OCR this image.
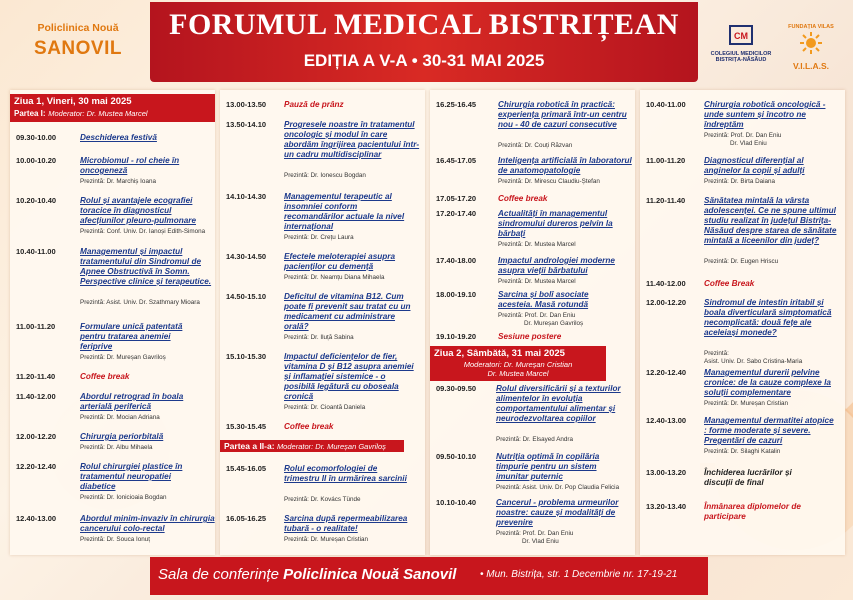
FORUMUL MEDICAL BISTRIȚEAN
EDIȚIA A V-A • 30-31 MAI 2025
Policlinica Nouă
SANOVIL
CM
COLEGIUL MEDICILOR BISTRIȚA-NĂSĂUD
FUNDAȚIA VILAS
V.I.L.A.S.
Ziua 1, Vineri, 30 mai 2025
Partea I: Moderator: Dr. Mustea Marcel
09.30-10.00	Deschiderea festivă
10.00-10.20	Microbiomul - rol cheie în oncogeneză
Prezintă: Dr. Marchiș Ioana
10.20-10.40	Rolul și avantajele ecografiei toracice în diagnosticul afecțiunilor pleuro-pulmonare
Prezintă: Conf. Univ. Dr. Ianoși Edith-Simona
10.40-11.00	Managementul și impactul tratamentului din Sindromul de Apnee Obstructivă în Somn. Perspective clinice și terapeutice.
Prezintă: Asist. Univ. Dr. Szathmary Mioara
11.00-11.20	Formulare unică patentată pentru tratarea anemiei feriprive
Prezintă: Dr. Mureșan Gavriloș
11.20-11.40	Coffee break
11.40-12.00	Abordul retrograd în boala arterială periferică
Prezintă: Dr. Mocian Adriana
12.00-12.20	Chirurgia periorbitală
Prezintă: Dr. Albu Mihaela
12.20-12.40	Rolul chirurgiei plastice în tratamentul neuropatiei diabetice
Prezintă: Dr. Ionicioaia Bogdan
12.40-13.00	Abordul minim-invaziv în chirurgia cancerului colo-rectal
Prezintă: Dr. Souca Ionuț
13.00-13.50 Pauză de prânz
13.50-14.10 Progresele noastre în tratamentul oncologic și modul în care abordăm îngrijirea pacientului într-un cadru multidisciplinar
Prezintă: Dr. Ionescu Bogdan
14.10-14.30 Managementul terapeutic al insomniei conform recomandărilor actuale la nivel internațional
Prezintă: Dr. Crețu Laura
14.30-14.50 Efectele meloterapiei asupra pacienților cu demență
Prezintă: Dr. Neamțu Diana Mihaela
14.50-15.10 Deficitul de vitamina B12. Cum poate fi prevenit sau tratat cu un medicament cu administrare orală?
Prezintă: Dr. Iluță Sabina
15.10-15.30 Impactul deficiențelor de fier, vitamina D și B12 asupra anemiei și inflamației sistemice - o posibilă legătură cu oboseala cronică
Prezintă: Dr. Cioantă Daniela
15.30-15.45 Coffee break
Partea a II-a: Moderator: Dr. Mureșan Gavriloș
15.45-16.05 Rolul ecomorfologiei de trimestru II în urmărirea sarcinii
Prezintă: Dr. Kovács Tünde
16.05-16.25 Sarcina după repermeabilizarea tubară - o realitate!
Prezintă: Dr. Mureșan Cristian
16.25-16.45	Chirurgia robotică în practică: experiența primară într-un centru nou - 40 de cazuri consecutive
Prezintă: Dr. Couți Răzvan
16.45-17.05	Inteligența artificială în laboratorul de anatomopatologie
Prezintă: Dr. Mirescu Claudiu-Ștefan
17.05-17.20	Coffee break
17.20-17.40	Actualități în managementul sindromului dureros pelvin la bărbați
Prezintă: Dr. Mustea Marcel
17.40-18.00	Impactul andrologiei moderne asupra vieții bărbatului
Prezintă: Dr. Mustea Marcel
18.00-19.10	Sarcina și bolî asociate acesteia. Masă rotundă
Prezintă: Prof. Dr. Dan Eniu
Dr. Mureșan Gavriloș
19.10-19.20	Sesiune postere
Ziua 2, Sâmbătă, 31 mai 2025
Moderatori: Dr. Mureșan Cristian
Dr. Mustea Marcel
09.30-09.50 Rolul diversificării și a texturilor alimentelor în evoluția comportamentului alimentar și neurodezvoltarea copiilor
Prezintă: Dr. Elsayed Andra
09.50-10.10 Nutriția optimă în copilăria timpurie pentru un sistem imunitar puternic
Prezintă: Asist. Univ. Dr. Pop Claudia Felicia
10.10-10.40 Cancerul - problema urmeurilor noastre: cauze și modalități de prevenire
Prezintă: Prof. Dr. Dan Eniu
Dr. Vlad Eniu
10.40-11.00 Chirurgia robotică oncologică - unde suntem și încotro ne îndreptăm
Prezintă: Prof. Dr. Dan Eniu
Dr. Vlad Eniu
11.00-11.20 Diagnosticul diferențial al anginelor la copii și adulți
Prezintă: Dr. Birta Daiana
11.20-11.40 Sănătatea mintală la vârsta adolescenței. Ce ne spune ultimul studiu realizat în județul Bistrița-Năsăud despre starea de sănătate mintală a liceenilor din județ?
Prezintă: Dr. Eugen Hriscu
11.40-12.00 Coffee Break
12.00-12.20 Sindromul de intestin iritabil și boala diverticulară simptomatică necomplicată: două fețe ale aceleiași monede?
Prezintă:
Asist. Univ. Dr. Sabo Cristina-Maria
12.20-12.40 Managementul durerii pelvine cronice: de la cauze complexe la soluții complementare
Prezintă: Dr. Mureșan Cristian
12.40-13.00 Managementul dermatitei atopice : forme moderate și severe. Pregentări de cazuri
Prezintă: Dr. Silaghi Katalin
13.00-13.20 Închiderea lucrărilor și discuții de final
13.20-13.40 Înmânarea diplomelor de participare
Sala de conferințe Policlinica Nouă Sanovil • Mun. Bistrița, str. 1 Decembrie nr. 17-19-21
